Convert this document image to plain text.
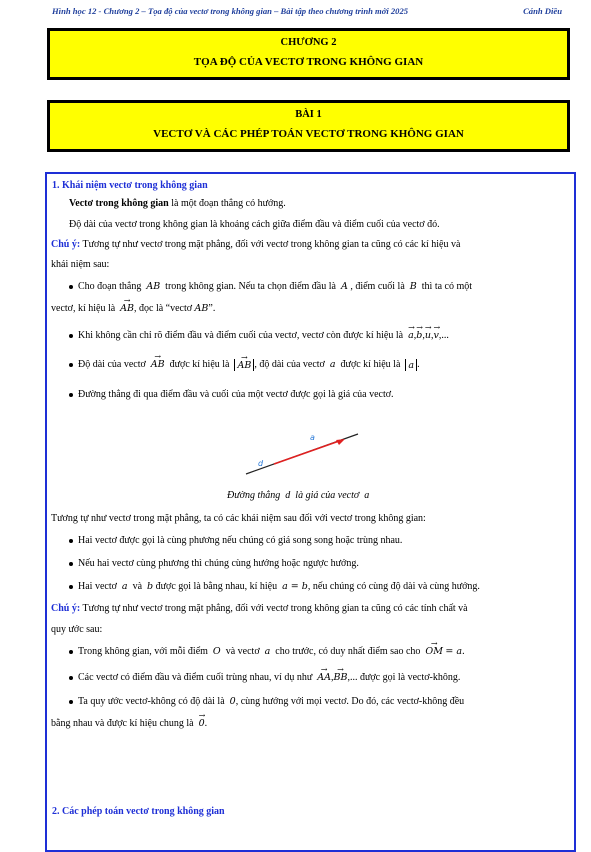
Hình học 12 - Chương 2 – Tọa độ của vectơ trong không gian – Bài tập theo chương trình mới 2025	Cánh Diều
CHƯƠNG 2
TỌA ĐỘ CỦA VECTƠ TRONG KHÔNG GIAN
BÀI 1
VECTƠ VÀ CÁC PHÉP TOÁN VECTƠ TRONG KHÔNG GIAN
1. Khái niệm vectơ trong không gian
Vectơ trong không gian là một đoạn thẳng có hướng.
Độ dài của vectơ trong không gian là khoảng cách giữa điểm đầu và điểm cuối của vectơ đó.
Chú ý: Tương tự như vectơ trong mặt phẳng, đối với vectơ trong không gian ta cũng có các kí hiệu và
khái niệm sau:
Cho đoạn thẳng AB trong không gian. Nếu ta chọn điểm đầu là A , điểm cuối là B thì ta có một
vectơ, kí hiệu là → AB, đọc là “vectơ AB”.
Khi không cần chỉ rõ điểm đầu và điểm cuối của vectơ, vectơ còn được kí hiệu là → a,→ b,→ u,→ v,...
Độ dài của vectơ → AB được kí hiệu là → AB , độ dài của vectơ a được kí hiệu là a .
Đường thẳng đi qua điểm đầu và cuối của một vectơ được gọi là giá của vectơ.
a
d
Đường thẳng d là giá của vectơ a
Tương tự như vectơ trong mặt phẳng, ta có các khái niệm sau đối với vectơ trong không gian:
Hai vectơ được gọi là cùng phương nếu chúng có giá song song hoặc trùng nhau.
Nếu hai vectơ cùng phương thì chúng cùng hướng hoặc ngược hướng.
Hai vectơ a và b được gọi là bằng nhau, kí hiệu a = b, nếu chúng có cùng độ dài và cùng hướng.
Chú ý: Tương tự như vectơ trong mặt phẳng, đối với vectơ trong không gian ta cũng có các tính chất và
quy ước sau:
Trong không gian, với mỗi điểm O và vectơ a cho trước, có duy nhất điểm sao cho → OM = a.
Các vectơ có điểm đầu và điểm cuối trùng nhau, ví dụ như → AA,→ BB,... được gọi là vectơ-không.
Ta quy ước vectơ-không có độ dài là 0, cùng hướng với mọi vectơ. Do đó, các vectơ-không đều
bằng nhau và được kí hiệu chung là → 0.
2. Các phép toán vectơ trong không gian
